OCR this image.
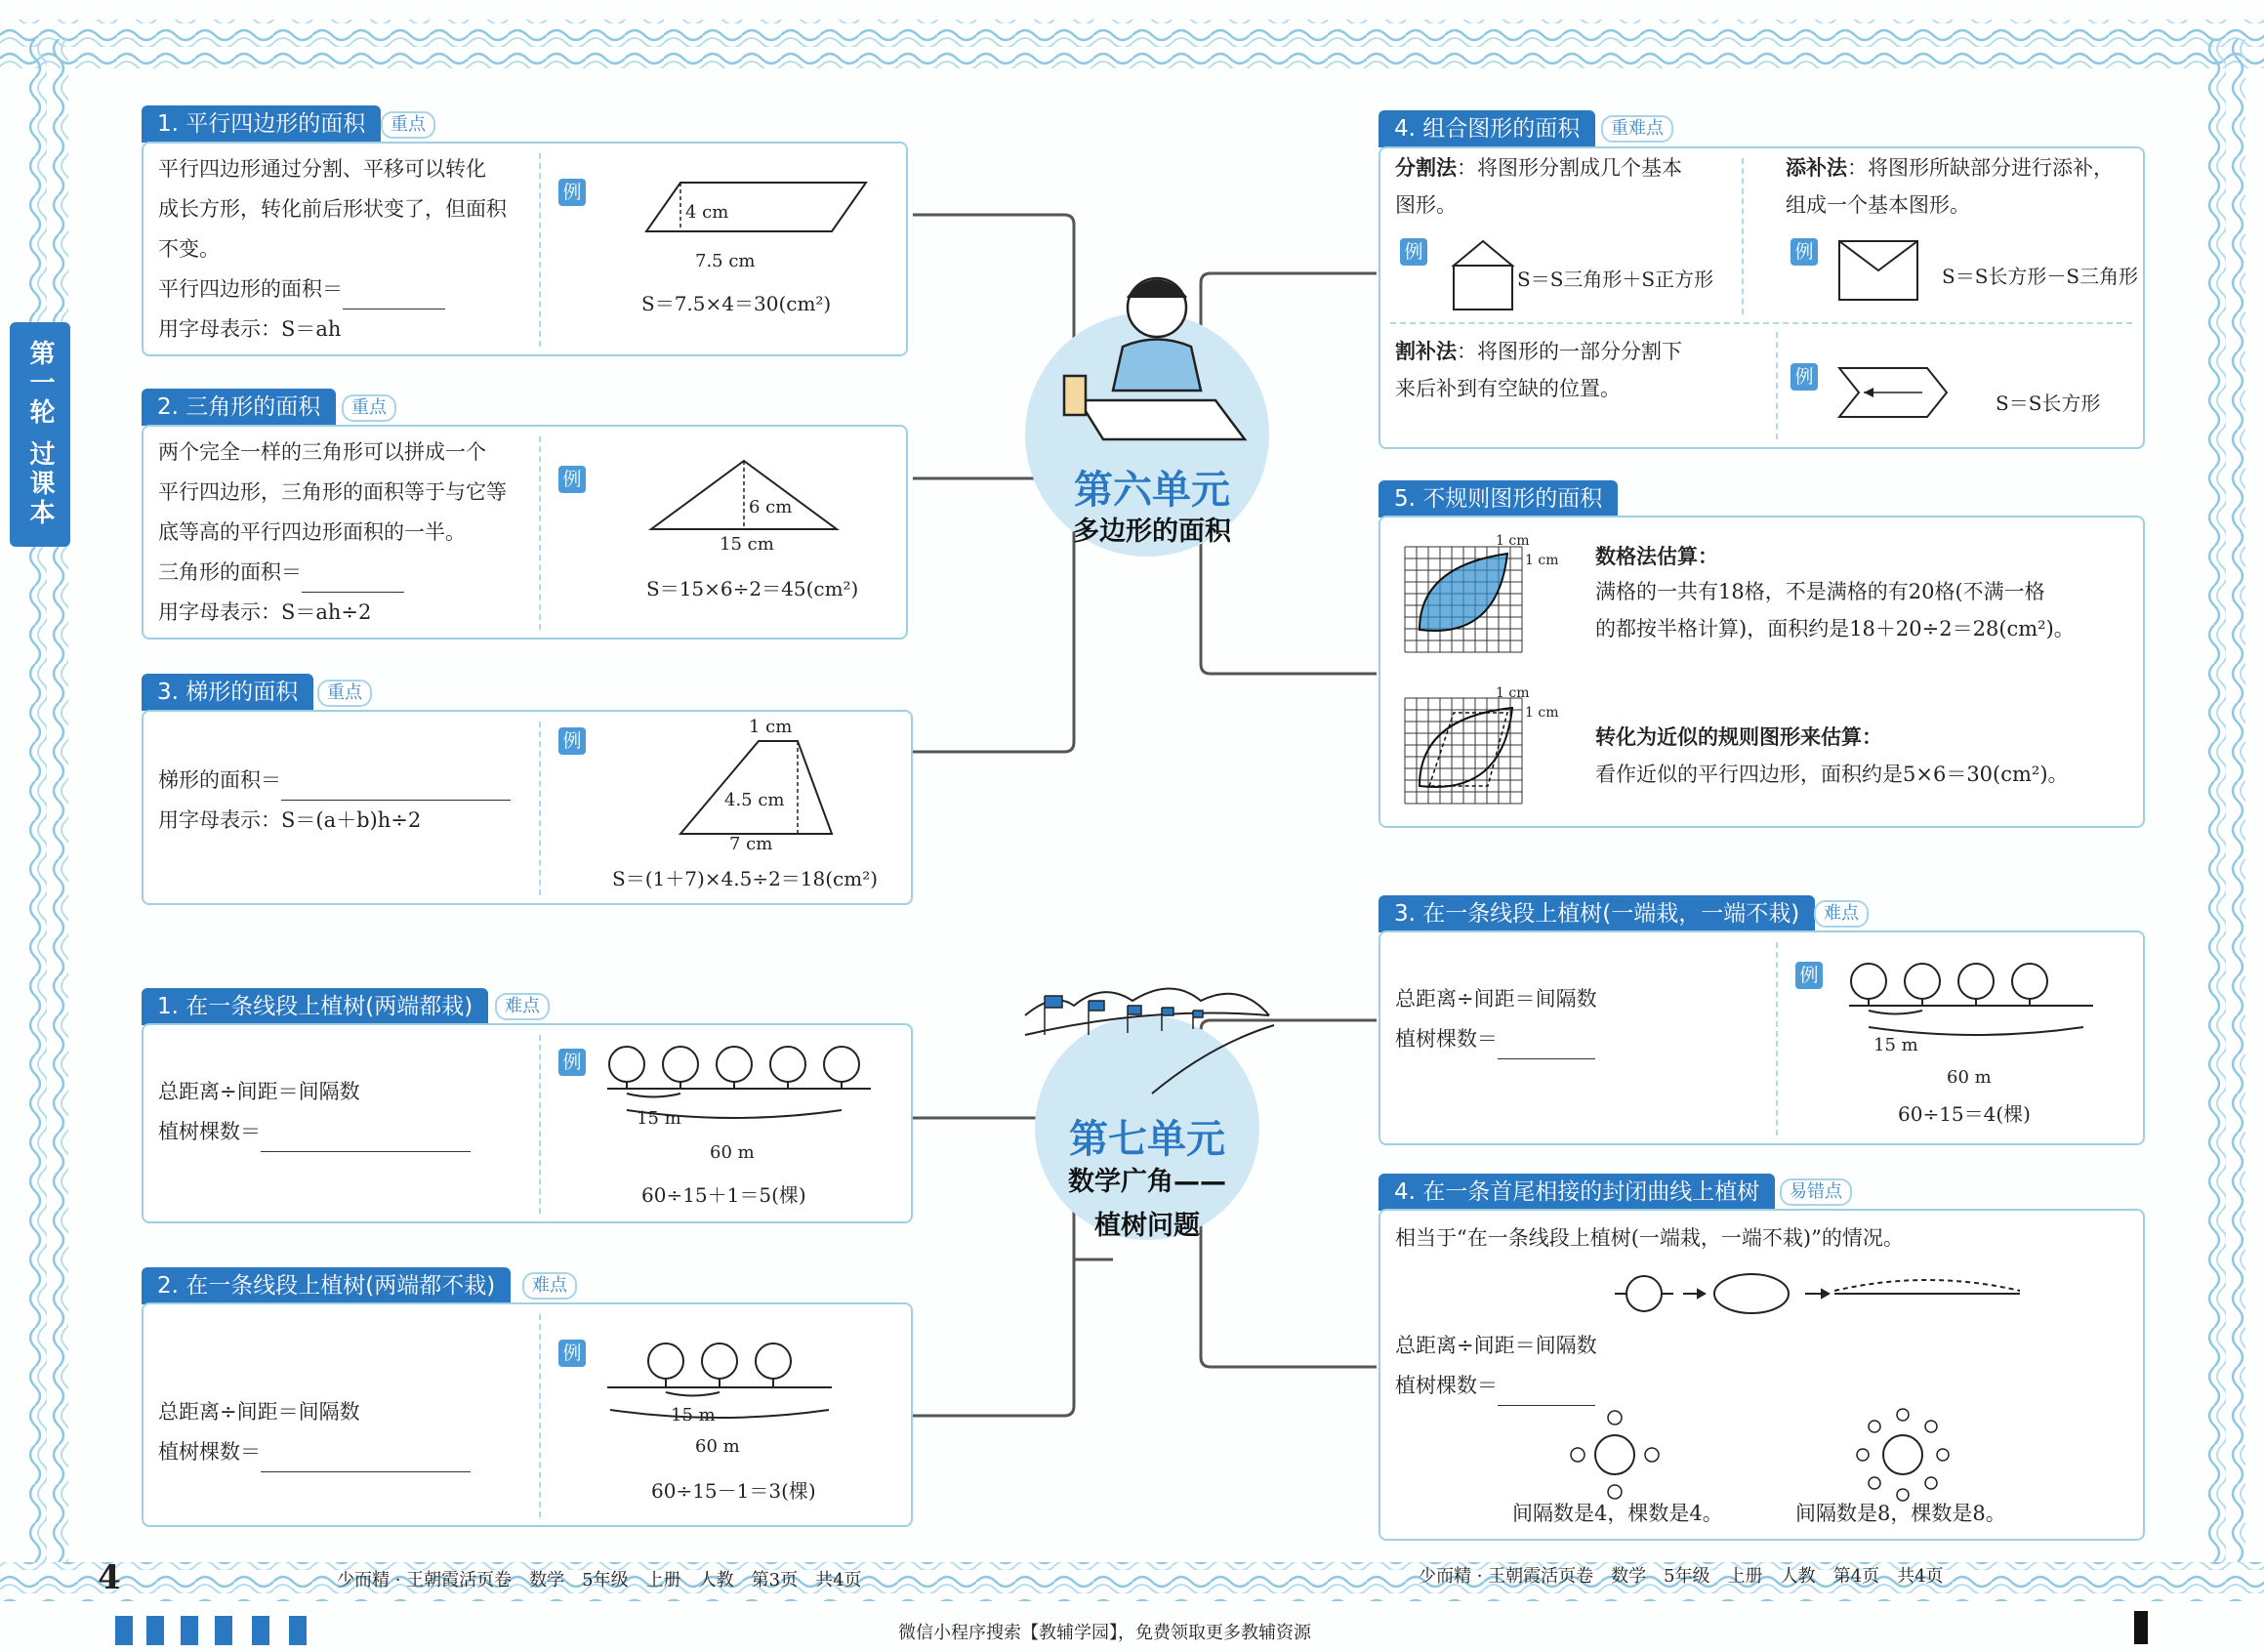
第一轮 过课本	第六单元
多边形的面积
1. 平行四边形的面积	重点
平行四边形通过分割、平移可以转化
成长方形，转化前后形状变了，但面积
不变。
平行四边形的面积＝
用字母表示：S＝ah
例
4 cm
7.5 cm
S＝7.5×4＝30(cm²)
2. 三角形的面积	重点
两个完全一样的三角形可以拼成一个
平行四边形，三角形的面积等于与它等
底等高的平行四边形面积的一半。
三角形的面积＝
用字母表示：S＝ah÷2
例
6 cm
15 cm
S＝15×6÷2＝45(cm²)
3. 梯形的面积	重点
梯形的面积＝
用字母表示：S＝(a＋b)h÷2
例
1 cm
4.5 cm
7 cm
S＝(1＋7)×4.5÷2＝18(cm²)
4. 组合图形的面积	重难点
分割法：将图形分割成几个基本
图形。
例
S＝S三角形＋S正方形
添补法：将图形所缺部分进行添补，
组成一个基本图形。
例
S＝S长方形－S三角形
割补法：将图形的一部分分割下
来后补到有空缺的位置。	例
S＝S长方形
5. 不规则图形的面积
1 cm
1 cm 数格法估算：
满格的一共有18格，不是满格的有20格(不满一格
的都按半格计算)，面积约是18＋20÷2＝28(cm²)。
1 cm
1 cm
转化为近似的规则图形来估算：
看作近似的平行四边形，面积约是5×6＝30(cm²)。
第七单元
数学广角——
植树问题
1. 在一条线段上植树(两端都栽)	难点
总距离÷间距＝间隔数
植树棵数＝
例
15 m
60 m
60÷15＋1＝5(棵)
2. 在一条线段上植树(两端都不栽)	难点
总距离÷间距＝间隔数
植树棵数＝
例
15 m
60 m
60÷15－1＝3(棵)
3. 在一条线段上植树(一端栽，一端不栽)	难点
总距离÷间距＝间隔数
植树棵数＝
例
15 m
60 m
60÷15＝4(棵)
4. 在一条首尾相接的封闭曲线上植树	易错点
相当于“在一条线段上植树(一端栽，一端不栽)”的情况。
总距离÷间距＝间隔数
植树棵数＝
间隔数是4，棵数是4。	间隔数是8，棵数是8。
4	少而精 · 王朝霞活页卷　数学　5年级　上册　人教　第3页　共4页	少而精 · 王朝霞活页卷　数学　5年级　上册　人教　第4页　共4页
微信小程序搜索【教辅学园】，免费领取更多教辅资源
